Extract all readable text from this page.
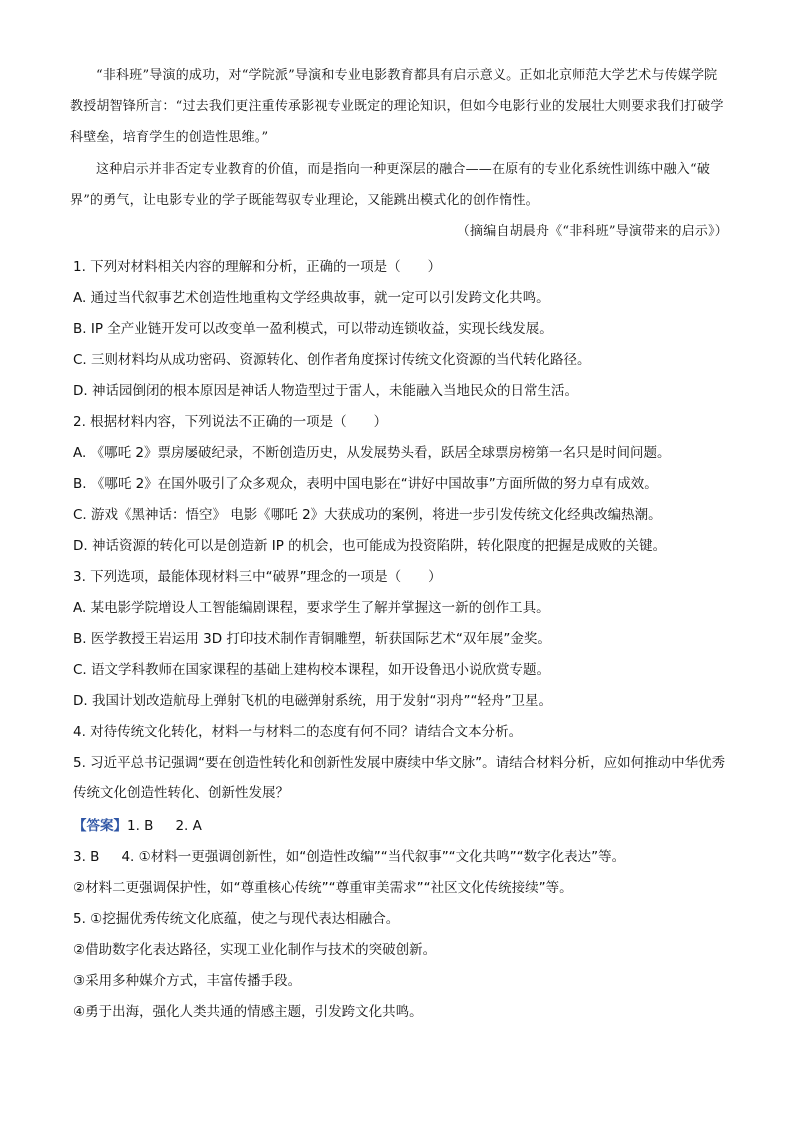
“非科班”导演的成功，对“学院派”导演和专业电影教育都具有启示意义。正如北京师范大学艺术与传媒学院教授胡智锋所言：“过去我们更注重传承影视专业既定的理论知识，但如今电影行业的发展壮大则要求我们打破学科壁垒，培育学生的创造性思维。”
这种启示并非否定专业教育的价值，而是指向一种更深层的融合——在原有的专业化系统性训练中融入“破界”的勇气，让电影专业的学子既能驾驭专业理论，又能跳出模式化的创作惰性。
（摘编自胡晨舟《“非科班”导演带来的启示》）
1. 下列对材料相关内容的理解和分析，正确的一项是（　　）
A. 通过当代叙事艺术创造性地重构文学经典故事，就一定可以引发跨文化共鸣。
B. IP 全产业链开发可以改变单一盈利模式，可以带动连锁收益，实现长线发展。
C. 三则材料均从成功密码、资源转化、创作者角度探讨传统文化资源的当代转化路径。
D. 神话园倒闭的根本原因是神话人物造型过于雷人，未能融入当地民众的日常生活。
2. 根据材料内容，下列说法不正确的一项是（　　）
A. 《哪吒 2》票房屡破纪录，不断创造历史，从发展势头看，跃居全球票房榜第一名只是时间问题。
B. 《哪吒 2》在国外吸引了众多观众，表明中国电影在“讲好中国故事”方面所做的努力卓有成效。
C. 游戏《黑神话：悟空》 电影《哪吒 2》大获成功的案例，将进一步引发传统文化经典改编热潮。
D. 神话资源的转化可以是创造新 IP 的机会，也可能成为投资陷阱，转化限度的把握是成败的关键。
3. 下列选项，最能体现材料三中“破界”理念的一项是（　　）
A. 某电影学院增设人工智能编剧课程，要求学生了解并掌握这一新的创作工具。
B. 医学教授王岩运用 3D 打印技术制作青铜雕塑，斩获国际艺术“双年展”金奖。
C. 语文学科教师在国家课程的基础上建构校本课程，如开设鲁迅小说欣赏专题。
D. 我国计划改造航母上弹射飞机的电磁弹射系统，用于发射“羽舟”“轻舟”卫星。
4. 对待传统文化转化，材料一与材料二的态度有何不同？请结合文本分析。
5. 习近平总书记强调“要在创造性转化和创新性发展中赓续中华文脉”。请结合材料分析，应如何推动中华优秀传统文化创造性转化、创新性发展？
【答案】1. B 2. A
3. B 4. ①材料一更强调创新性，如“创造性改编”“当代叙事”“文化共鸣”“数字化表达”等。
②材料二更强调保护性，如“尊重核心传统”“尊重审美需求”“社区文化传统接续”等。
5. ①挖掘优秀传统文化底蕴，使之与现代表达相融合。
②借助数字化表达路径，实现工业化制作与技术的突破创新。
③采用多种媒介方式，丰富传播手段。
④勇于出海，强化人类共通的情感主题，引发跨文化共鸣。
